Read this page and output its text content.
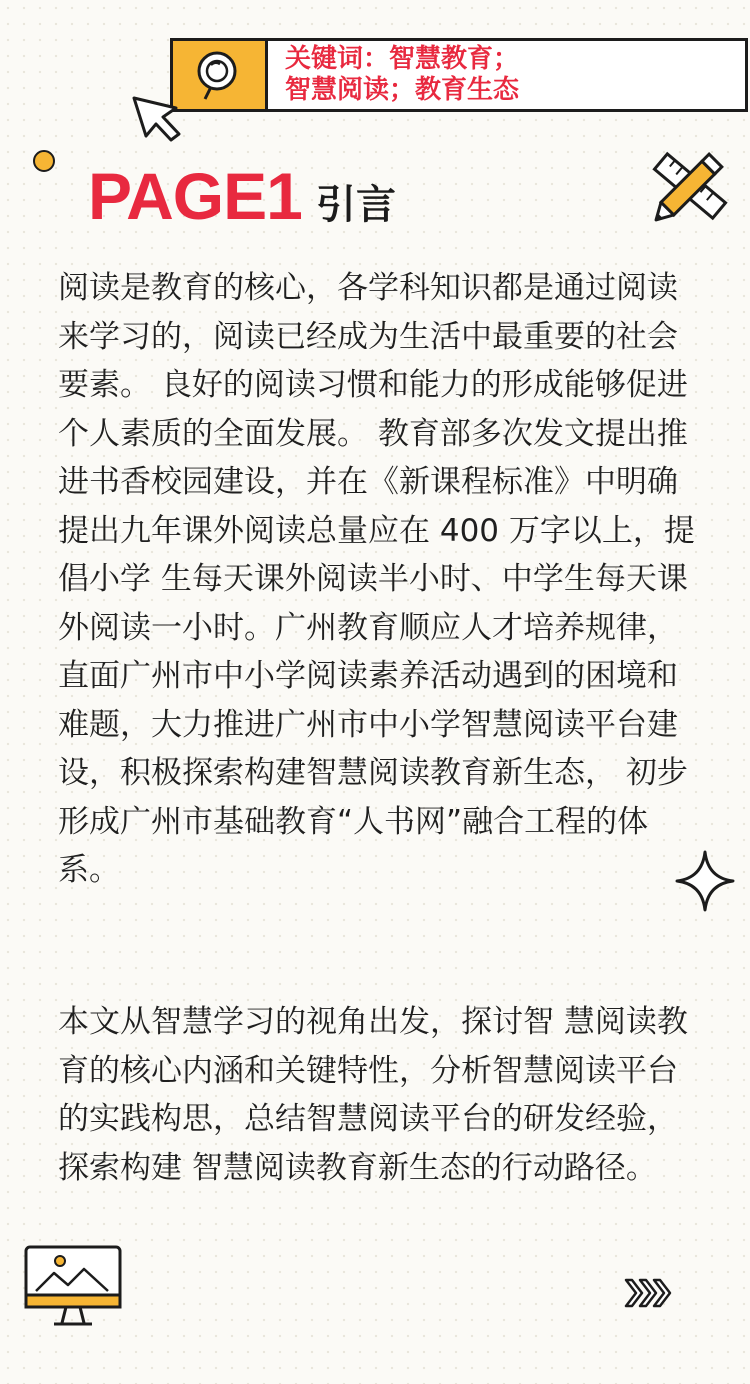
关键词：智慧教育；
智慧阅读；教育生态
PAGE1 引言

阅读是教育的核心，各学科知识都是通过阅读来学习的，阅读已经成为生活中最重要的社会要素。 良好的阅读习惯和能力的形成能够促进个人素质的全面发展。 教育部多次发文提出推进书香校园建设，并在《新课程标准》中明确提出九年课外阅读总量应在 400 万字以上，提倡小学 生每天课外阅读半小时、中学生每天课外阅读一小时。广州教育顺应人才培养规律， 直面广州市中小学阅读素养活动遇到的困境和难题，大力推进广州市中小学智慧阅读平台建设，积极探索构建智慧阅读教育新生态， 初步形成广州市基础教育“人书网”融合工程的体系。

本文从智慧学习的视角出发，探讨智 慧阅读教育的核心内涵和关键特性，分析智慧阅读平台的实践构思，总结智慧阅读平台的研发经验，探索构建 智慧阅读教育新生态的行动路径。
